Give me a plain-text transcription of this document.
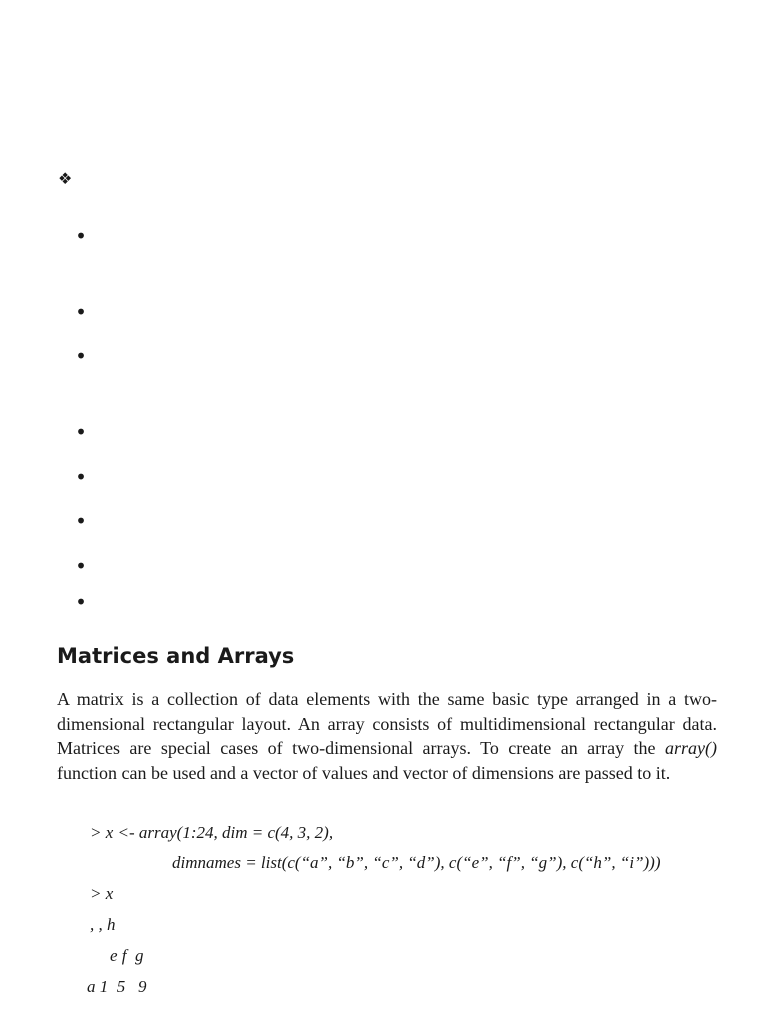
❖
•
•
•
•
•
•
•
•
Matrices and Arrays

A matrix is a collection of data elements with the same basic type arranged in a two-dimensional rectangular layout. An array consists of multidimensional rectangular data. Matrices are special cases of two-dimensional arrays. To create an array the array() function can be used and a vector of values and vector of dimensions are passed to it.

> x <- array(1:24, dim = c(4, 3, 2),
dimnames = list(c(“a”, “b”, “c”, “d”), c(“e”, “f”, “g”), c(“h”, “i”)))
> x
, , h
e f  g
a 1  5   9
